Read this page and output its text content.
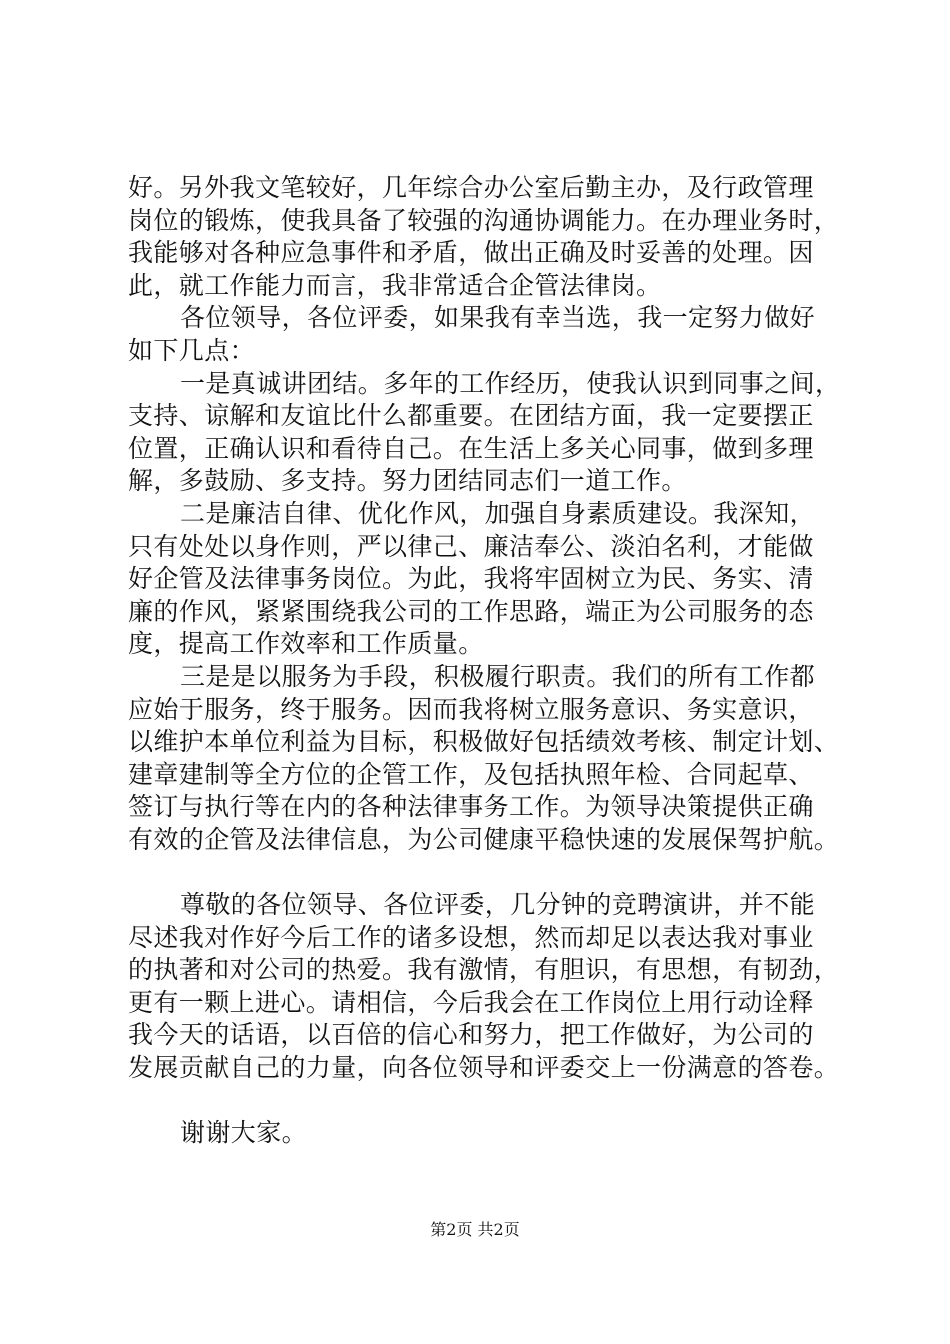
好。另外我文笔较好，几年综合办公室后勤主办，及行政管理
岗位的锻炼，使我具备了较强的沟通协调能力。在办理业务时，
我能够对各种应急事件和矛盾，做出正确及时妥善的处理。因
此，就工作能力而言，我非常适合企管法律岗。
各位领导，各位评委，如果我有幸当选，我一定努力做好
如下几点：
一是真诚讲团结。多年的工作经历，使我认识到同事之间，
支持、谅解和友谊比什么都重要。在团结方面，我一定要摆正
位置，正确认识和看待自己。在生活上多关心同事，做到多理
解，多鼓励、多支持。努力团结同志们一道工作。
二是廉洁自律、优化作风，加强自身素质建设。我深知，
只有处处以身作则，严以律己、廉洁奉公、淡泊名利，才能做
好企管及法律事务岗位。为此，我将牢固树立为民、务实、清
廉的作风，紧紧围绕我公司的工作思路，端正为公司服务的态
度，提高工作效率和工作质量。
三是是以服务为手段，积极履行职责。我们的所有工作都
应始于服务，终于服务。因而我将树立服务意识、务实意识，
以维护本单位利益为目标，积极做好包括绩效考核、制定计划、
建章建制等全方位的企管工作，及包括执照年检、合同起草、
签订与执行等在内的各种法律事务工作。为领导决策提供正确
有效的企管及法律信息，为公司健康平稳快速的发展保驾护航。
尊敬的各位领导、各位评委，几分钟的竞聘演讲，并不能
尽述我对作好今后工作的诸多设想，然而却足以表达我对事业
的执著和对公司的热爱。我有激情，有胆识，有思想，有韧劲，
更有一颗上进心。请相信，今后我会在工作岗位上用行动诠释
我今天的话语，以百倍的信心和努力，把工作做好，为公司的
发展贡献自己的力量，向各位领导和评委交上一份满意的答卷。
谢谢大家。
第2页 共2页
